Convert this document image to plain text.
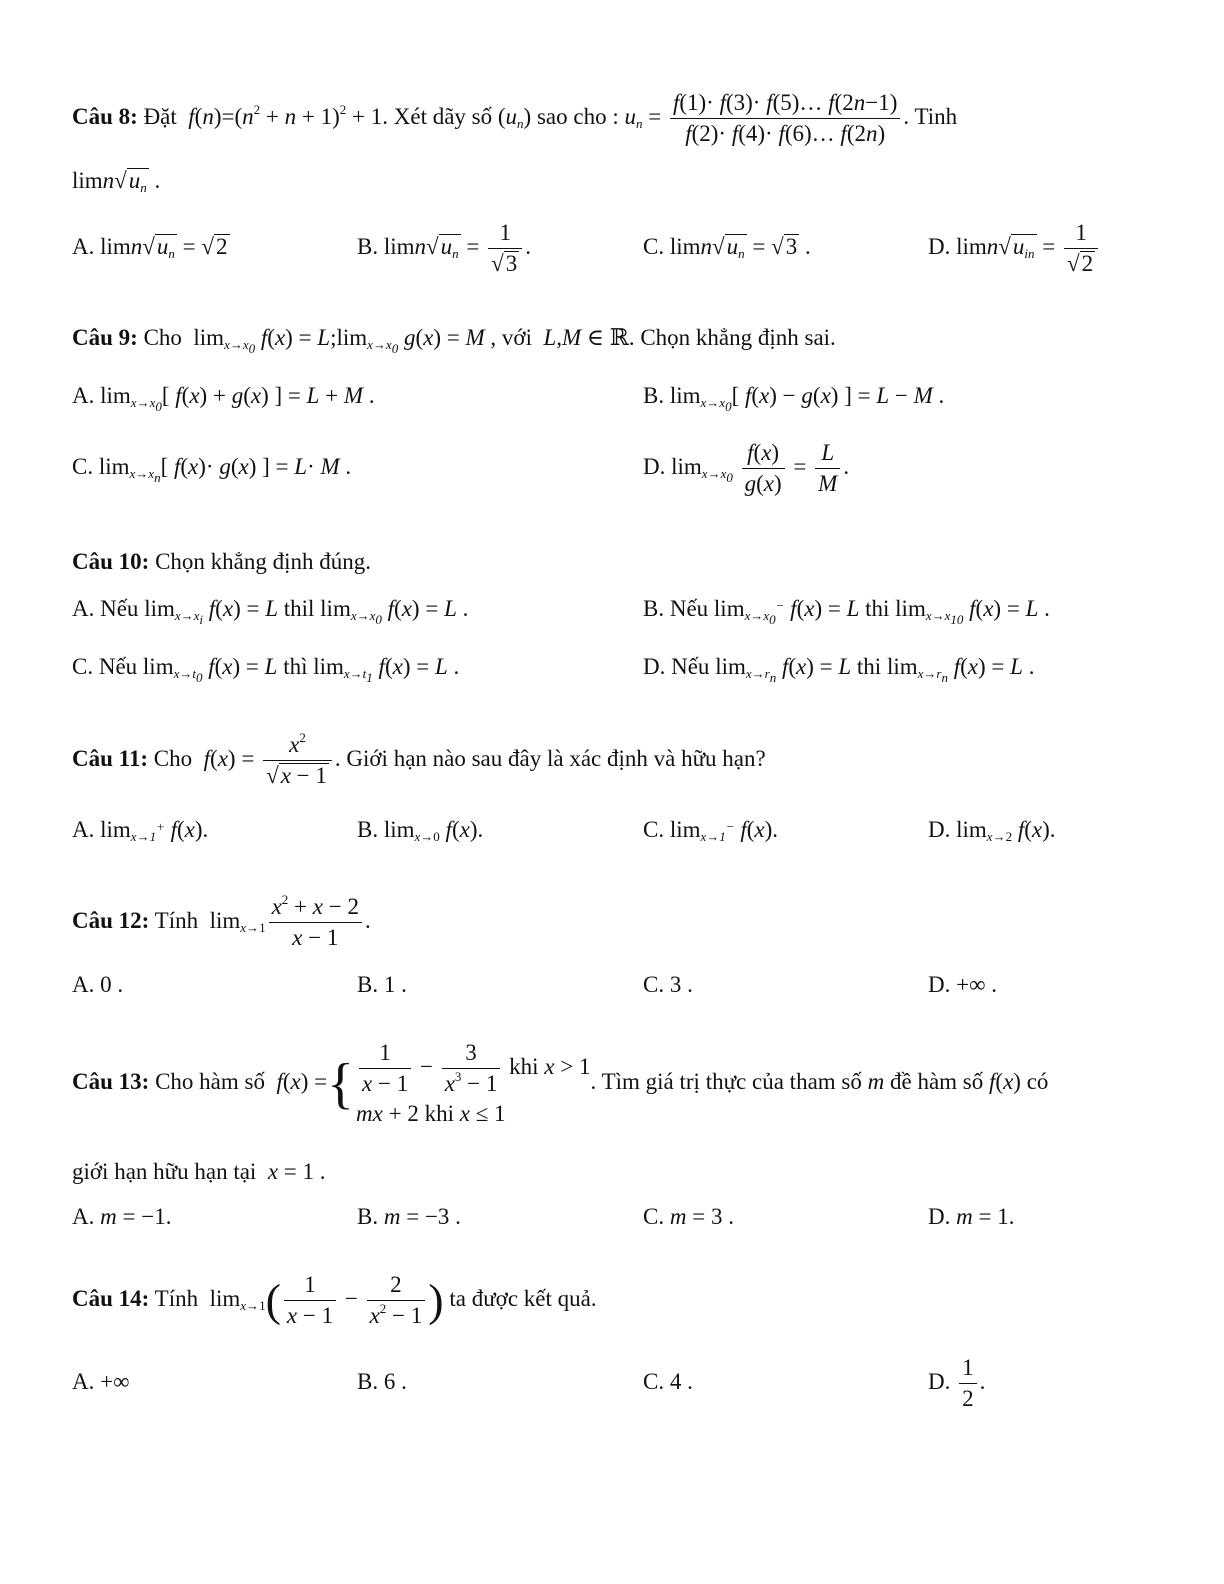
Câu 8: Đặt  $f(n)=(n^2 + n + 1)^2 + 1$. Xét dãy số $(u_n)$ sao cho : $u_n = \frac{f(1)\cdot f(3)\cdot f(5)\dots f(2n-1)}{f(2)\cdot f(4)\cdot f(6)\dots f(2n)}$ . Tinh
$\lim n√u_n$ .
A. $\lim n√u_n = √2$	B. $\lim n√u_n = \frac{1}{√3}$ .	C. $\lim n√u_n = √3$ .	D. $\lim n√u_{in} = \frac{1}{√2}$
Câu 9: Cho  $\lim_{x\to x_0} f(x)$ = $L;\lim_{x\to x_0}$ g(x) = M , với  L,M ∈ ℝ. Chọn khẳng định sai.
A. $\lim_{x\to x_0}$[ f(x) + g(x) ] = L + M .	B. $\lim_{x\to x_0}$[ f(x) − g(x) ] = L − M .
C. $\lim_{x\to x_n}$[ f(x)· g(x) ] = L· M .	D. $\lim_{x\to x_0} \frac{f(x)}{g(x)} = \frac{L}{M}$ .
Câu 10: Chọn khẳng định đúng.
A. Nếu $\lim_{x\to x_i} f(x) = L$ thil $\lim_{x\to x_0} f(x) = L$ .	B. Nếu $\lim_{x\to x_0^-} f(x) = L$ thi $\lim_{x\to x_{10}} f(x) = L$ .
C. Nếu $\lim_{x\to t_0} f(x) = L$ thì $\lim_{x\to t_1} f(x) = L$ .	D. Nếu $\lim_{x\to r_n} f(x) = L$ thi $\lim_{x\to r_n} f(x) = L$ .
Câu 11: Cho $f(x) = \frac{x^2}{√x - 1}$ . Giới hạn nào sau đây là xác định và hữu hạn?
A. $\lim_{x\to 1^+} f(x)$.	B. $\lim_{x\to 0} f(x)$.	C. $\lim_{x\to 1^-} f(x)$.	D. $\lim_{x\to 2} f(x)$.
Câu 12: Tính  $\lim_{x\to 1} \frac{x^2 + x - 2}{x - 1}$ .
A. 0 .	B. 1 .	C. 3 .	D. +∞ .
Câu 13: Cho hàm số f(x) ={ $\frac{1}{x - 1} - \frac{3}{x^3 - 1}$ khi x > 1
mx + 2 khi x ≤ 1
. Tìm giá trị thực của tham số m đề hàm số f(x) có
giới hạn hữu hạn tại x = 1 .
A. m = −1.	B. m = −3 .	C. m = 3 .	D. m = 1.
Câu 14: Tính  $\lim_{x\to 1}( \frac{1}{x - 1} - \frac{2}{x^2 - 1}$ ) ta được kết quả.
A. +∞	B. 6 .	C. 4 .	D. $\frac{1}{2}$ .
